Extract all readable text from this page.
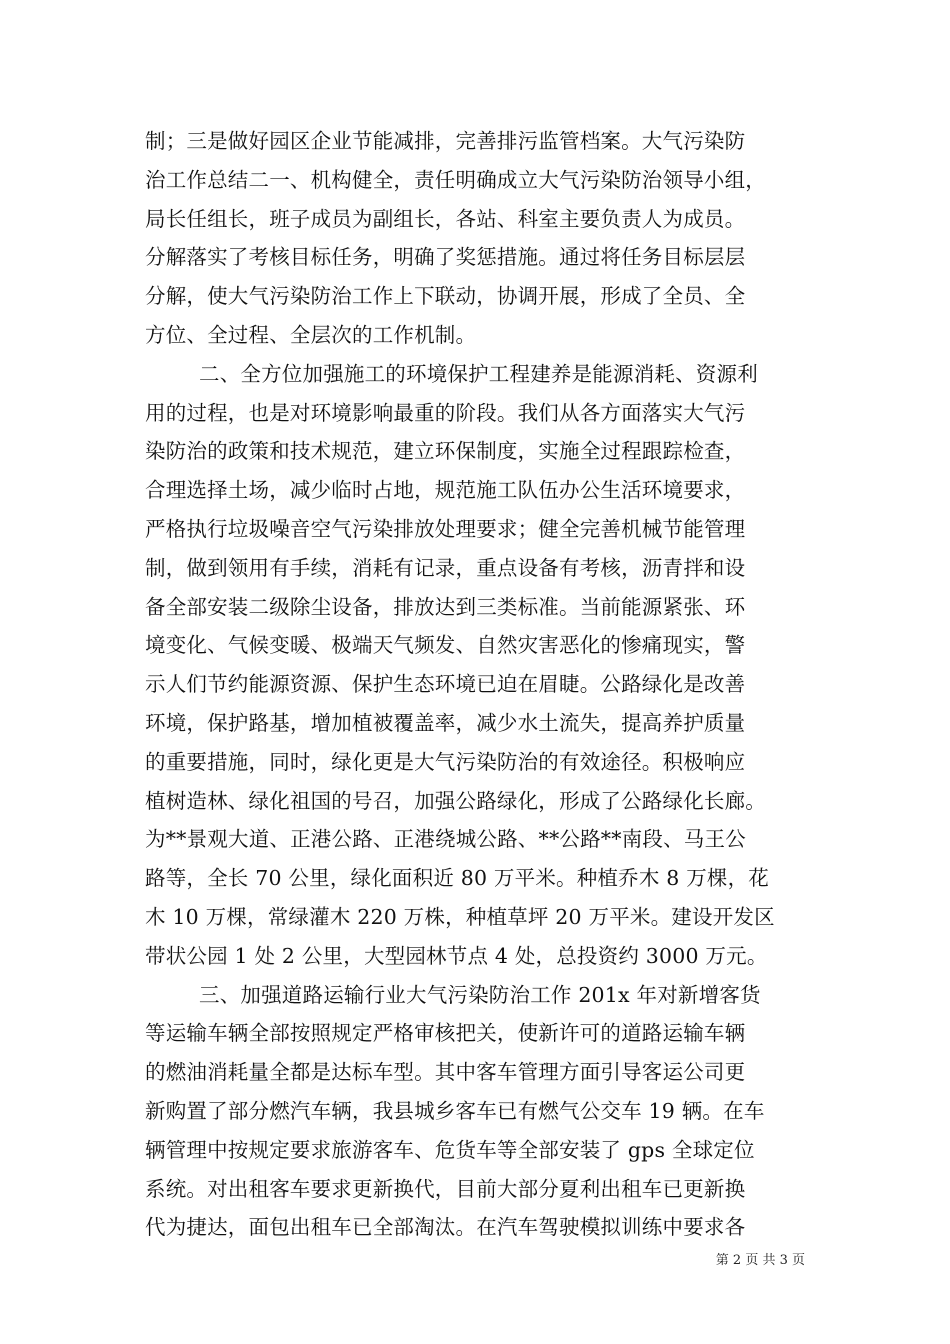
制；三是做好园区企业节能减排，完善排污监管档案。大气污染防
治工作总结二一、机构健全，责任明确成立大气污染防治领导小组，
局长任组长，班子成员为副组长，各站、科室主要负责人为成员。
分解落实了考核目标任务，明确了奖惩措施。通过将任务目标层层
分解，使大气污染防治工作上下联动，协调开展，形成了全员、全
方位、全过程、全层次的工作机制。
二、全方位加强施工的环境保护工程建养是能源消耗、资源利
用的过程，也是对环境影响最重的阶段。我们从各方面落实大气污
染防治的政策和技术规范，建立环保制度，实施全过程跟踪检查，
合理选择土场，减少临时占地，规范施工队伍办公生活环境要求，
严格执行垃圾噪音空气污染排放处理要求；健全完善机械节能管理
制，做到领用有手续，消耗有记录，重点设备有考核，沥青拌和设
备全部安装二级除尘设备，排放达到三类标准。当前能源紧张、环
境变化、气候变暖、极端天气频发、自然灾害恶化的惨痛现实，警
示人们节约能源资源、保护生态环境已迫在眉睫。公路绿化是改善
环境，保护路基，增加植被覆盖率，减少水土流失，提高养护质量
的重要措施，同时，绿化更是大气污染防治的有效途径。积极响应
植树造林、绿化祖国的号召，加强公路绿化，形成了公路绿化长廊。
为**景观大道、正港公路、正港绕城公路、**公路**南段、马王公
路等，全长 70 公里，绿化面积近 80 万平米。种植乔木 8 万棵，花
木 10 万棵，常绿灌木 220 万株，种植草坪 20 万平米。建设开发区
带状公园 1 处 2 公里，大型园林节点 4 处，总投资约 3000 万元。
三、加强道路运输行业大气污染防治工作 201x 年对新增客货
等运输车辆全部按照规定严格审核把关，使新许可的道路运输车辆
的燃油消耗量全都是达标车型。其中客车管理方面引导客运公司更
新购置了部分燃汽车辆，我县城乡客车已有燃气公交车 19 辆。在车
辆管理中按规定要求旅游客车、危货车等全部安装了 gps 全球定位
系统。对出租客车要求更新换代，目前大部分夏利出租车已更新换
代为捷达，面包出租车已全部淘汰。在汽车驾驶模拟训练中要求各
第 2 页 共 3 页
